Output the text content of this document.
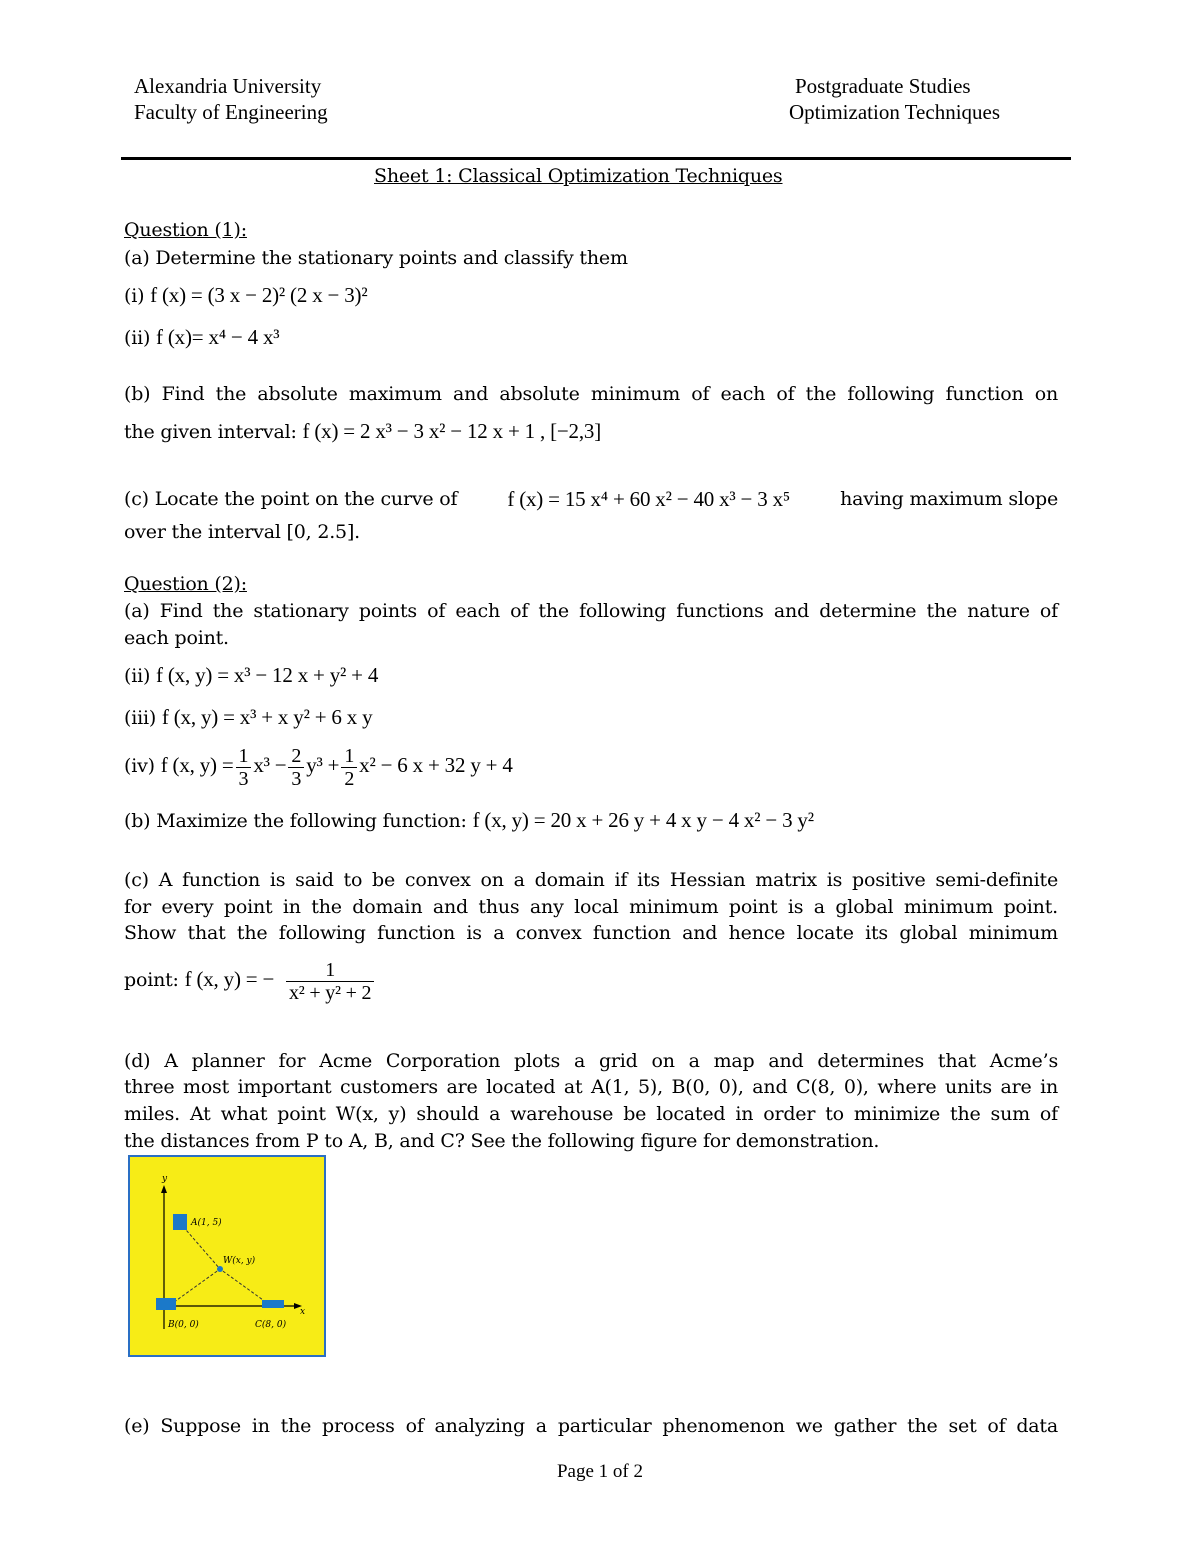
Alexandria University
Faculty of Engineering
Postgraduate Studies
Optimization Techniques
Sheet 1: Classical Optimization Techniques
Question (1):
(a) Determine the stationary points and classify them
(i) f (x) = (3 x − 2)² (2 x − 3)²
(ii) f (x)= x⁴ − 4 x³
(b) Find the absolute maximum and absolute minimum of each of the following function on
the given interval: f (x) = 2 x³ − 3 x² − 12 x + 1 , [−2,3]
(c) Locate the point on the curve of f (x) = 15 x⁴ + 60 x² − 40 x³ − 3 x⁵	having maximum slope
over the interval [0, 2.5].
Question (2):
(a) Find the stationary points of each of the following functions and determine the nature of
each point.
(ii) f (x, y) = x³ − 12 x + y² + 4
(iii) f (x, y) = x³ + x y² + 6 x y
(iv) f (x, $y) = \frac{1}{3} x^3 - \frac{2}{3} y^3 + \frac{1}{2} x^2 - 6$ x + 32 y + 4
(b) Maximize the following function: f (x, y) = 20 x + 26 y + 4 x y − 4 x² − 3 y²
(c) A function is said to be convex on a domain if its Hessian matrix is positive semi-definite
for every point in the domain and thus any local minimum point is a global minimum point.
Show that the following function is a convex function and hence locate its global minimum
point: f (x, y) = − $\frac{1}{\text{x² + y² + 2}}$
(d) A planner for Acme Corporation plots a grid on a map and determines that Acme’s
three most important customers are located at A(1, 5), B(0, 0), and C(8, 0), where units are in
miles. At what point W(x, y) should a warehouse be located in order to minimize the sum of
the distances from P to A, B, and C? See the following figure for demonstration.
y
x
A(1, 5)
W(x, y)
B(0, 0)	C(8, 0)
(e) Suppose in the process of analyzing a particular phenomenon we gather the set of data
Page 1 of 2
